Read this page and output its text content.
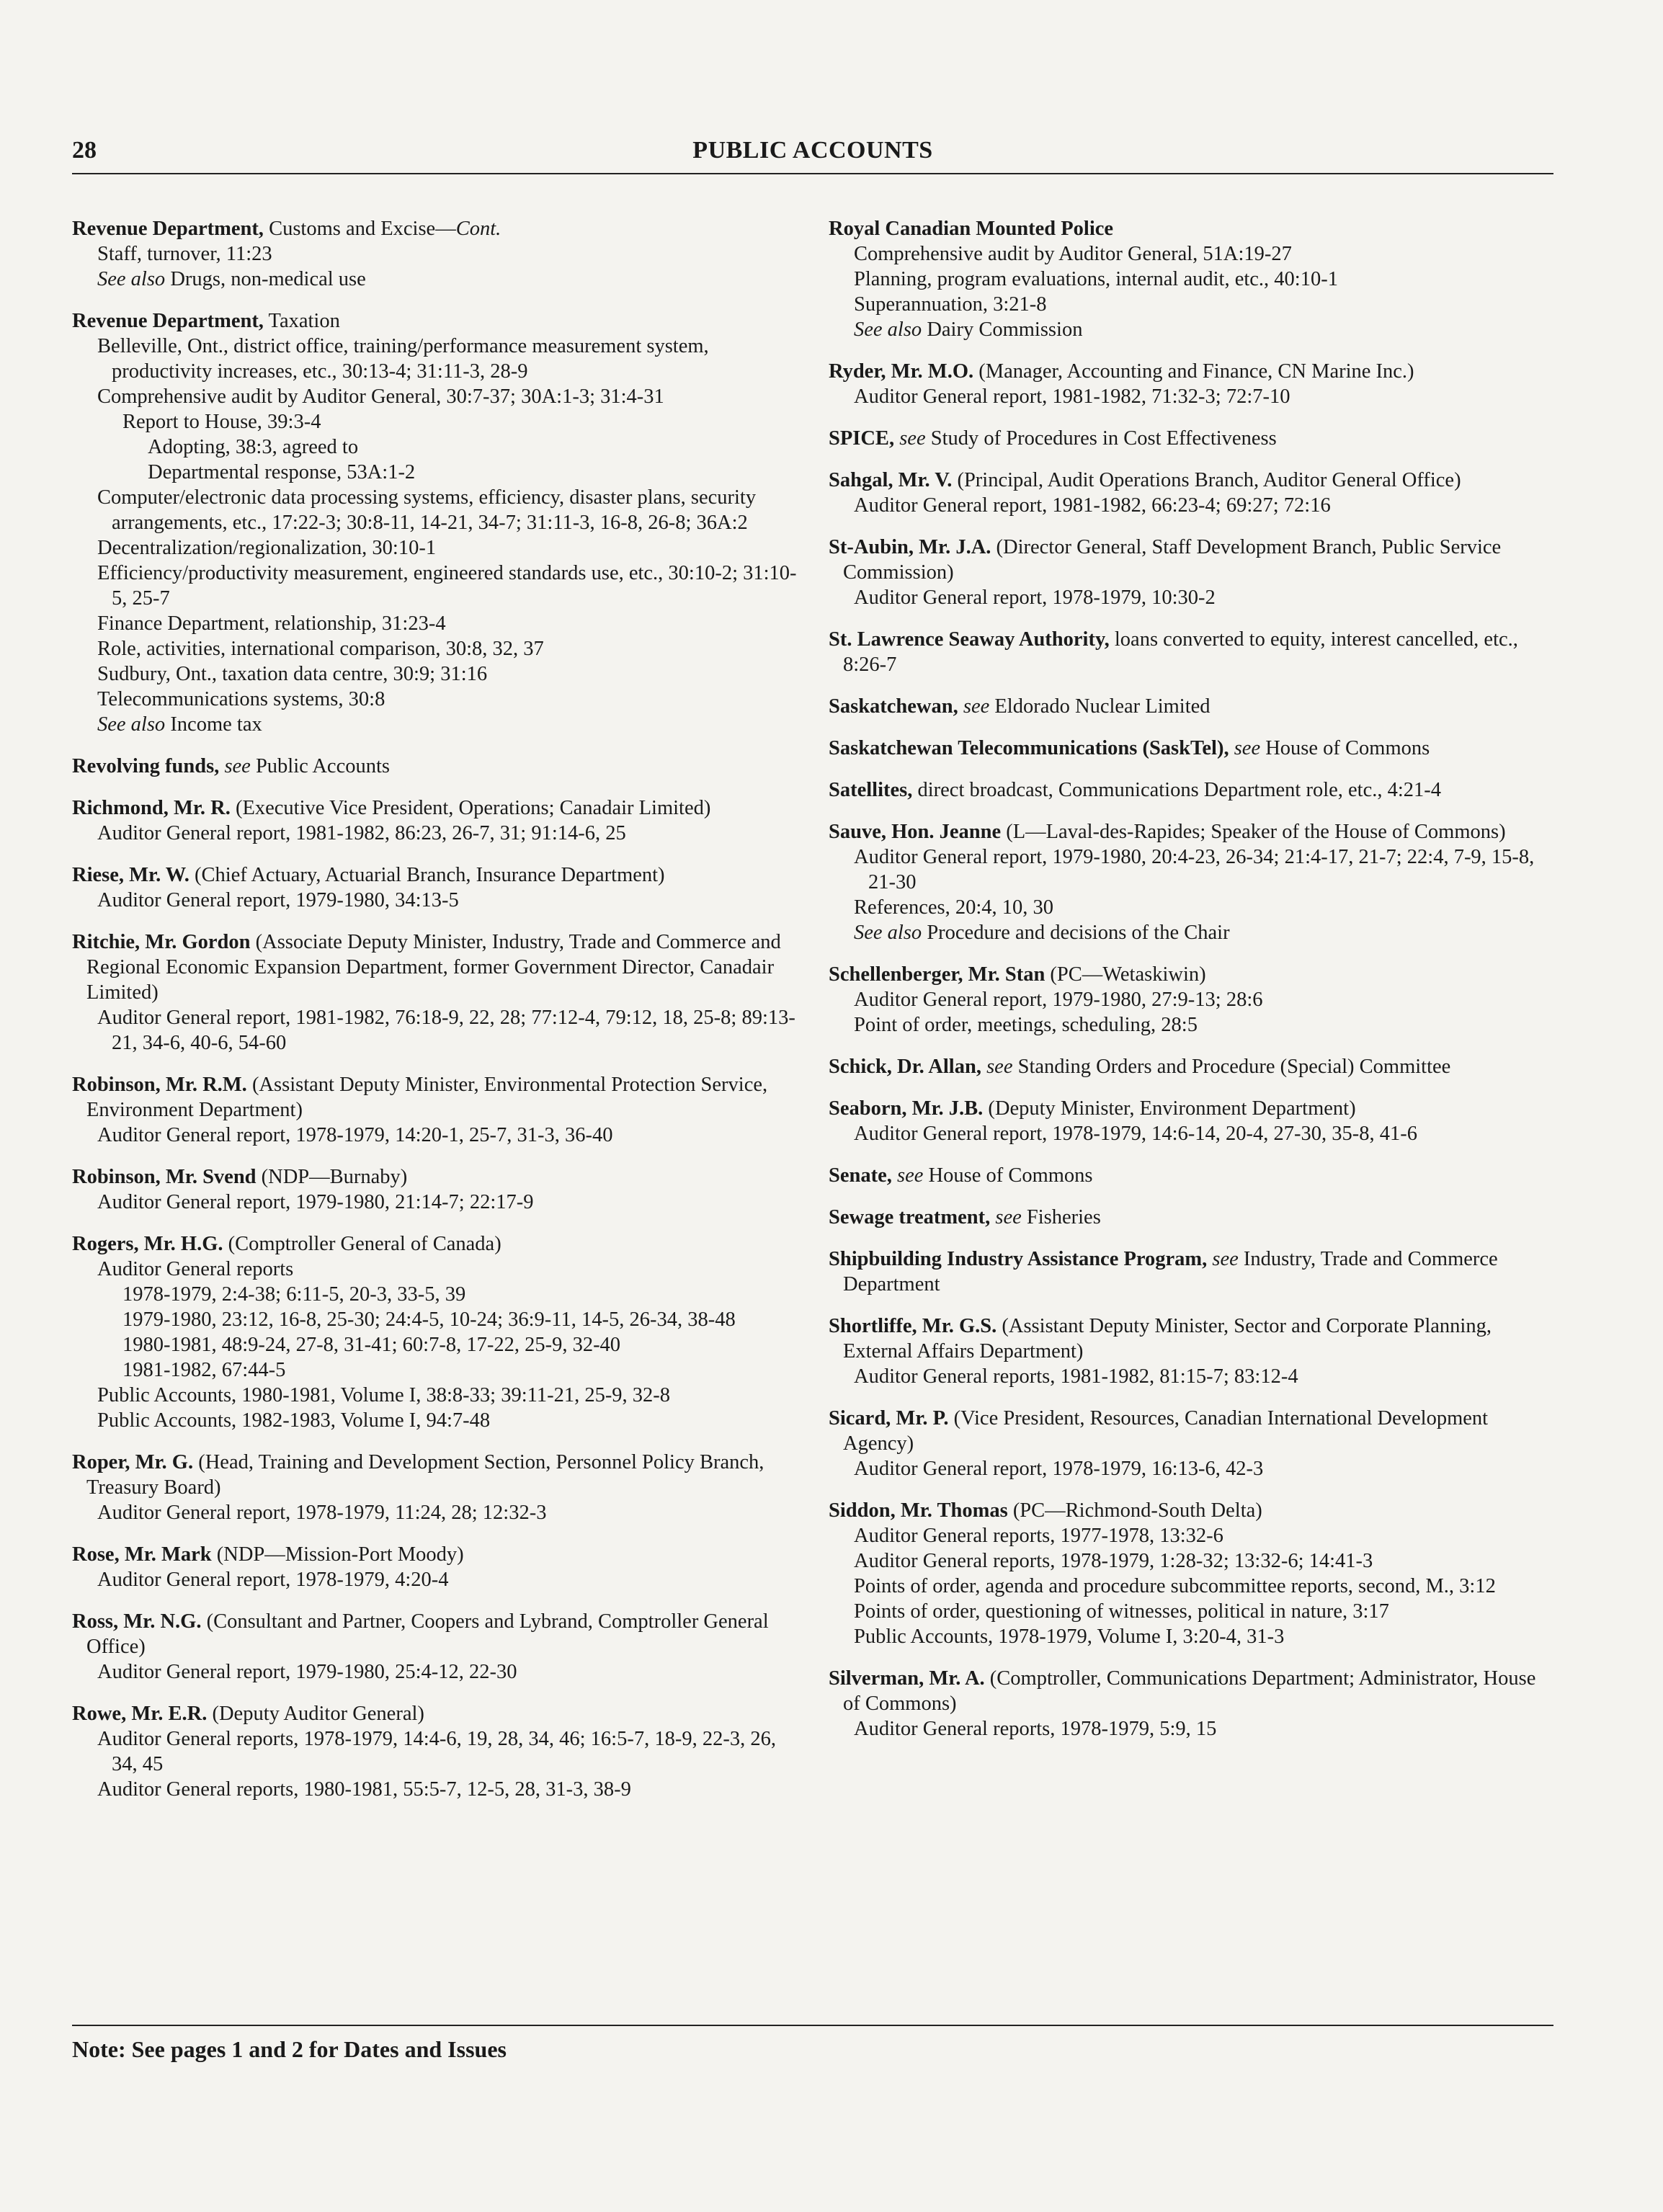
28	PUBLIC ACCOUNTS
Revenue Department, Customs and Excise—Cont.
Staff, turnover, 11:23
See also Drugs, non-medical use
Revenue Department, Taxation
Belleville, Ont., district office, training/performance measurement system, productivity increases, etc., 30:13-4; 31:11-3, 28-9
Comprehensive audit by Auditor General, 30:7-37; 30A:1-3; 31:4-31
Report to House, 39:3-4
Adopting, 38:3, agreed to
Departmental response, 53A:1-2
Computer/electronic data processing systems, efficiency, disaster plans, security arrangements, etc., 17:22-3; 30:8-11, 14-21, 34-7; 31:11-3, 16-8, 26-8; 36A:2
Decentralization/regionalization, 30:10-1
Efficiency/productivity measurement, engineered standards use, etc., 30:10-2; 31:10-5, 25-7
Finance Department, relationship, 31:23-4
Role, activities, international comparison, 30:8, 32, 37
Sudbury, Ont., taxation data centre, 30:9; 31:16
Telecommunications systems, 30:8
See also Income tax
Revolving funds, see Public Accounts
Richmond, Mr. R. (Executive Vice President, Operations; Canadair Limited)
Auditor General report, 1981-1982, 86:23, 26-7, 31; 91:14-6, 25
Riese, Mr. W. (Chief Actuary, Actuarial Branch, Insurance Department)
Auditor General report, 1979-1980, 34:13-5
Ritchie, Mr. Gordon (Associate Deputy Minister, Industry, Trade and Commerce and Regional Economic Expansion Department, former Government Director, Canadair Limited)
Auditor General report, 1981-1982, 76:18-9, 22, 28; 77:12-4, 79:12, 18, 25-8; 89:13-21, 34-6, 40-6, 54-60
Robinson, Mr. R.M. (Assistant Deputy Minister, Environmental Protection Service, Environment Department)
Auditor General report, 1978-1979, 14:20-1, 25-7, 31-3, 36-40
Robinson, Mr. Svend (NDP—Burnaby)
Auditor General report, 1979-1980, 21:14-7; 22:17-9
Rogers, Mr. H.G. (Comptroller General of Canada)
Auditor General reports
1978-1979, 2:4-38; 6:11-5, 20-3, 33-5, 39
1979-1980, 23:12, 16-8, 25-30; 24:4-5, 10-24; 36:9-11, 14-5, 26-34, 38-48
1980-1981, 48:9-24, 27-8, 31-41; 60:7-8, 17-22, 25-9, 32-40
1981-1982, 67:44-5
Public Accounts, 1980-1981, Volume I, 38:8-33; 39:11-21, 25-9, 32-8
Public Accounts, 1982-1983, Volume I, 94:7-48
Roper, Mr. G. (Head, Training and Development Section, Personnel Policy Branch, Treasury Board)
Auditor General report, 1978-1979, 11:24, 28; 12:32-3
Rose, Mr. Mark (NDP—Mission-Port Moody)
Auditor General report, 1978-1979, 4:20-4
Ross, Mr. N.G. (Consultant and Partner, Coopers and Lybrand, Comptroller General Office)
Auditor General report, 1979-1980, 25:4-12, 22-30
Rowe, Mr. E.R. (Deputy Auditor General)
Auditor General reports, 1978-1979, 14:4-6, 19, 28, 34, 46; 16:5-7, 18-9, 22-3, 26, 34, 45
Auditor General reports, 1980-1981, 55:5-7, 12-5, 28, 31-3, 38-9
Royal Canadian Mounted Police
Comprehensive audit by Auditor General, 51A:19-27
Planning, program evaluations, internal audit, etc., 40:10-1
Superannuation, 3:21-8
See also Dairy Commission
Ryder, Mr. M.O. (Manager, Accounting and Finance, CN Marine Inc.)
Auditor General report, 1981-1982, 71:32-3; 72:7-10
SPICE, see Study of Procedures in Cost Effectiveness
Sahgal, Mr. V. (Principal, Audit Operations Branch, Auditor General Office)
Auditor General report, 1981-1982, 66:23-4; 69:27; 72:16
St-Aubin, Mr. J.A. (Director General, Staff Development Branch, Public Service Commission)
Auditor General report, 1978-1979, 10:30-2
St. Lawrence Seaway Authority, loans converted to equity, interest cancelled, etc., 8:26-7
Saskatchewan, see Eldorado Nuclear Limited
Saskatchewan Telecommunications (SaskTel), see House of Commons
Satellites, direct broadcast, Communications Department role, etc., 4:21-4
Sauve, Hon. Jeanne (L—Laval-des-Rapides; Speaker of the House of Commons)
Auditor General report, 1979-1980, 20:4-23, 26-34; 21:4-17, 21-7; 22:4, 7-9, 15-8, 21-30
References, 20:4, 10, 30
See also Procedure and decisions of the Chair
Schellenberger, Mr. Stan (PC—Wetaskiwin)
Auditor General report, 1979-1980, 27:9-13; 28:6
Point of order, meetings, scheduling, 28:5
Schick, Dr. Allan, see Standing Orders and Procedure (Special) Committee
Seaborn, Mr. J.B. (Deputy Minister, Environment Department)
Auditor General report, 1978-1979, 14:6-14, 20-4, 27-30, 35-8, 41-6
Senate, see House of Commons
Sewage treatment, see Fisheries
Shipbuilding Industry Assistance Program, see Industry, Trade and Commerce Department
Shortliffe, Mr. G.S. (Assistant Deputy Minister, Sector and Corporate Planning, External Affairs Department)
Auditor General reports, 1981-1982, 81:15-7; 83:12-4
Sicard, Mr. P. (Vice President, Resources, Canadian International Development Agency)
Auditor General report, 1978-1979, 16:13-6, 42-3
Siddon, Mr. Thomas (PC—Richmond-South Delta)
Auditor General reports, 1977-1978, 13:32-6
Auditor General reports, 1978-1979, 1:28-32; 13:32-6; 14:41-3
Points of order, agenda and procedure subcommittee reports, second, M., 3:12
Points of order, questioning of witnesses, political in nature, 3:17
Public Accounts, 1978-1979, Volume I, 3:20-4, 31-3
Silverman, Mr. A. (Comptroller, Communications Department; Administrator, House of Commons)
Auditor General reports, 1978-1979, 5:9, 15
Note: See pages 1 and 2 for Dates and Issues
